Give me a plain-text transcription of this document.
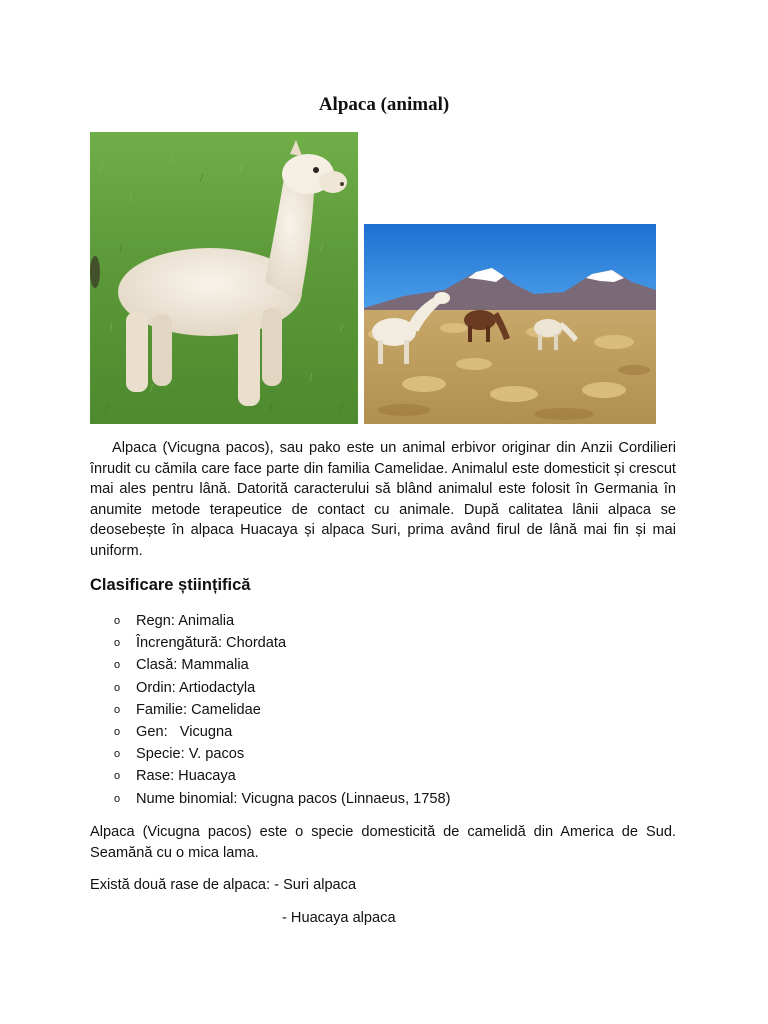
Alpaca (animal)
Alpaca (Vicugna pacos), sau pako este un animal erbivor originar din Anzii Cordilieri înrudit cu cămila care face parte din familia Camelidae. Animalul este domesticit și crescut mai ales pentru lână. Datorită caracterului să blând animalul este folosit în Germania în anumite metode terapeutice de contact cu animale. După calitatea lânii alpaca se deosebește în alpaca Huacaya și alpaca Suri, prima având firul de lână mai fin și mai uniform.
Clasificare științifică
o Regn: Animalia
o Încrengătură: Chordata
o Clasă: Mammalia
o Ordin: Artiodactyla
o Familie: Camelidae
o Gen:   Vicugna
o Specie: V. pacos
o Rase: Huacaya
o Nume binomial: Vicugna pacos (Linnaeus, 1758)
Alpaca (Vicugna pacos) este o specie domesticită de camelidă din America de Sud. Seamănă cu o mica lama.
Există două rase de alpaca: - Suri alpaca
- Huacaya alpaca
